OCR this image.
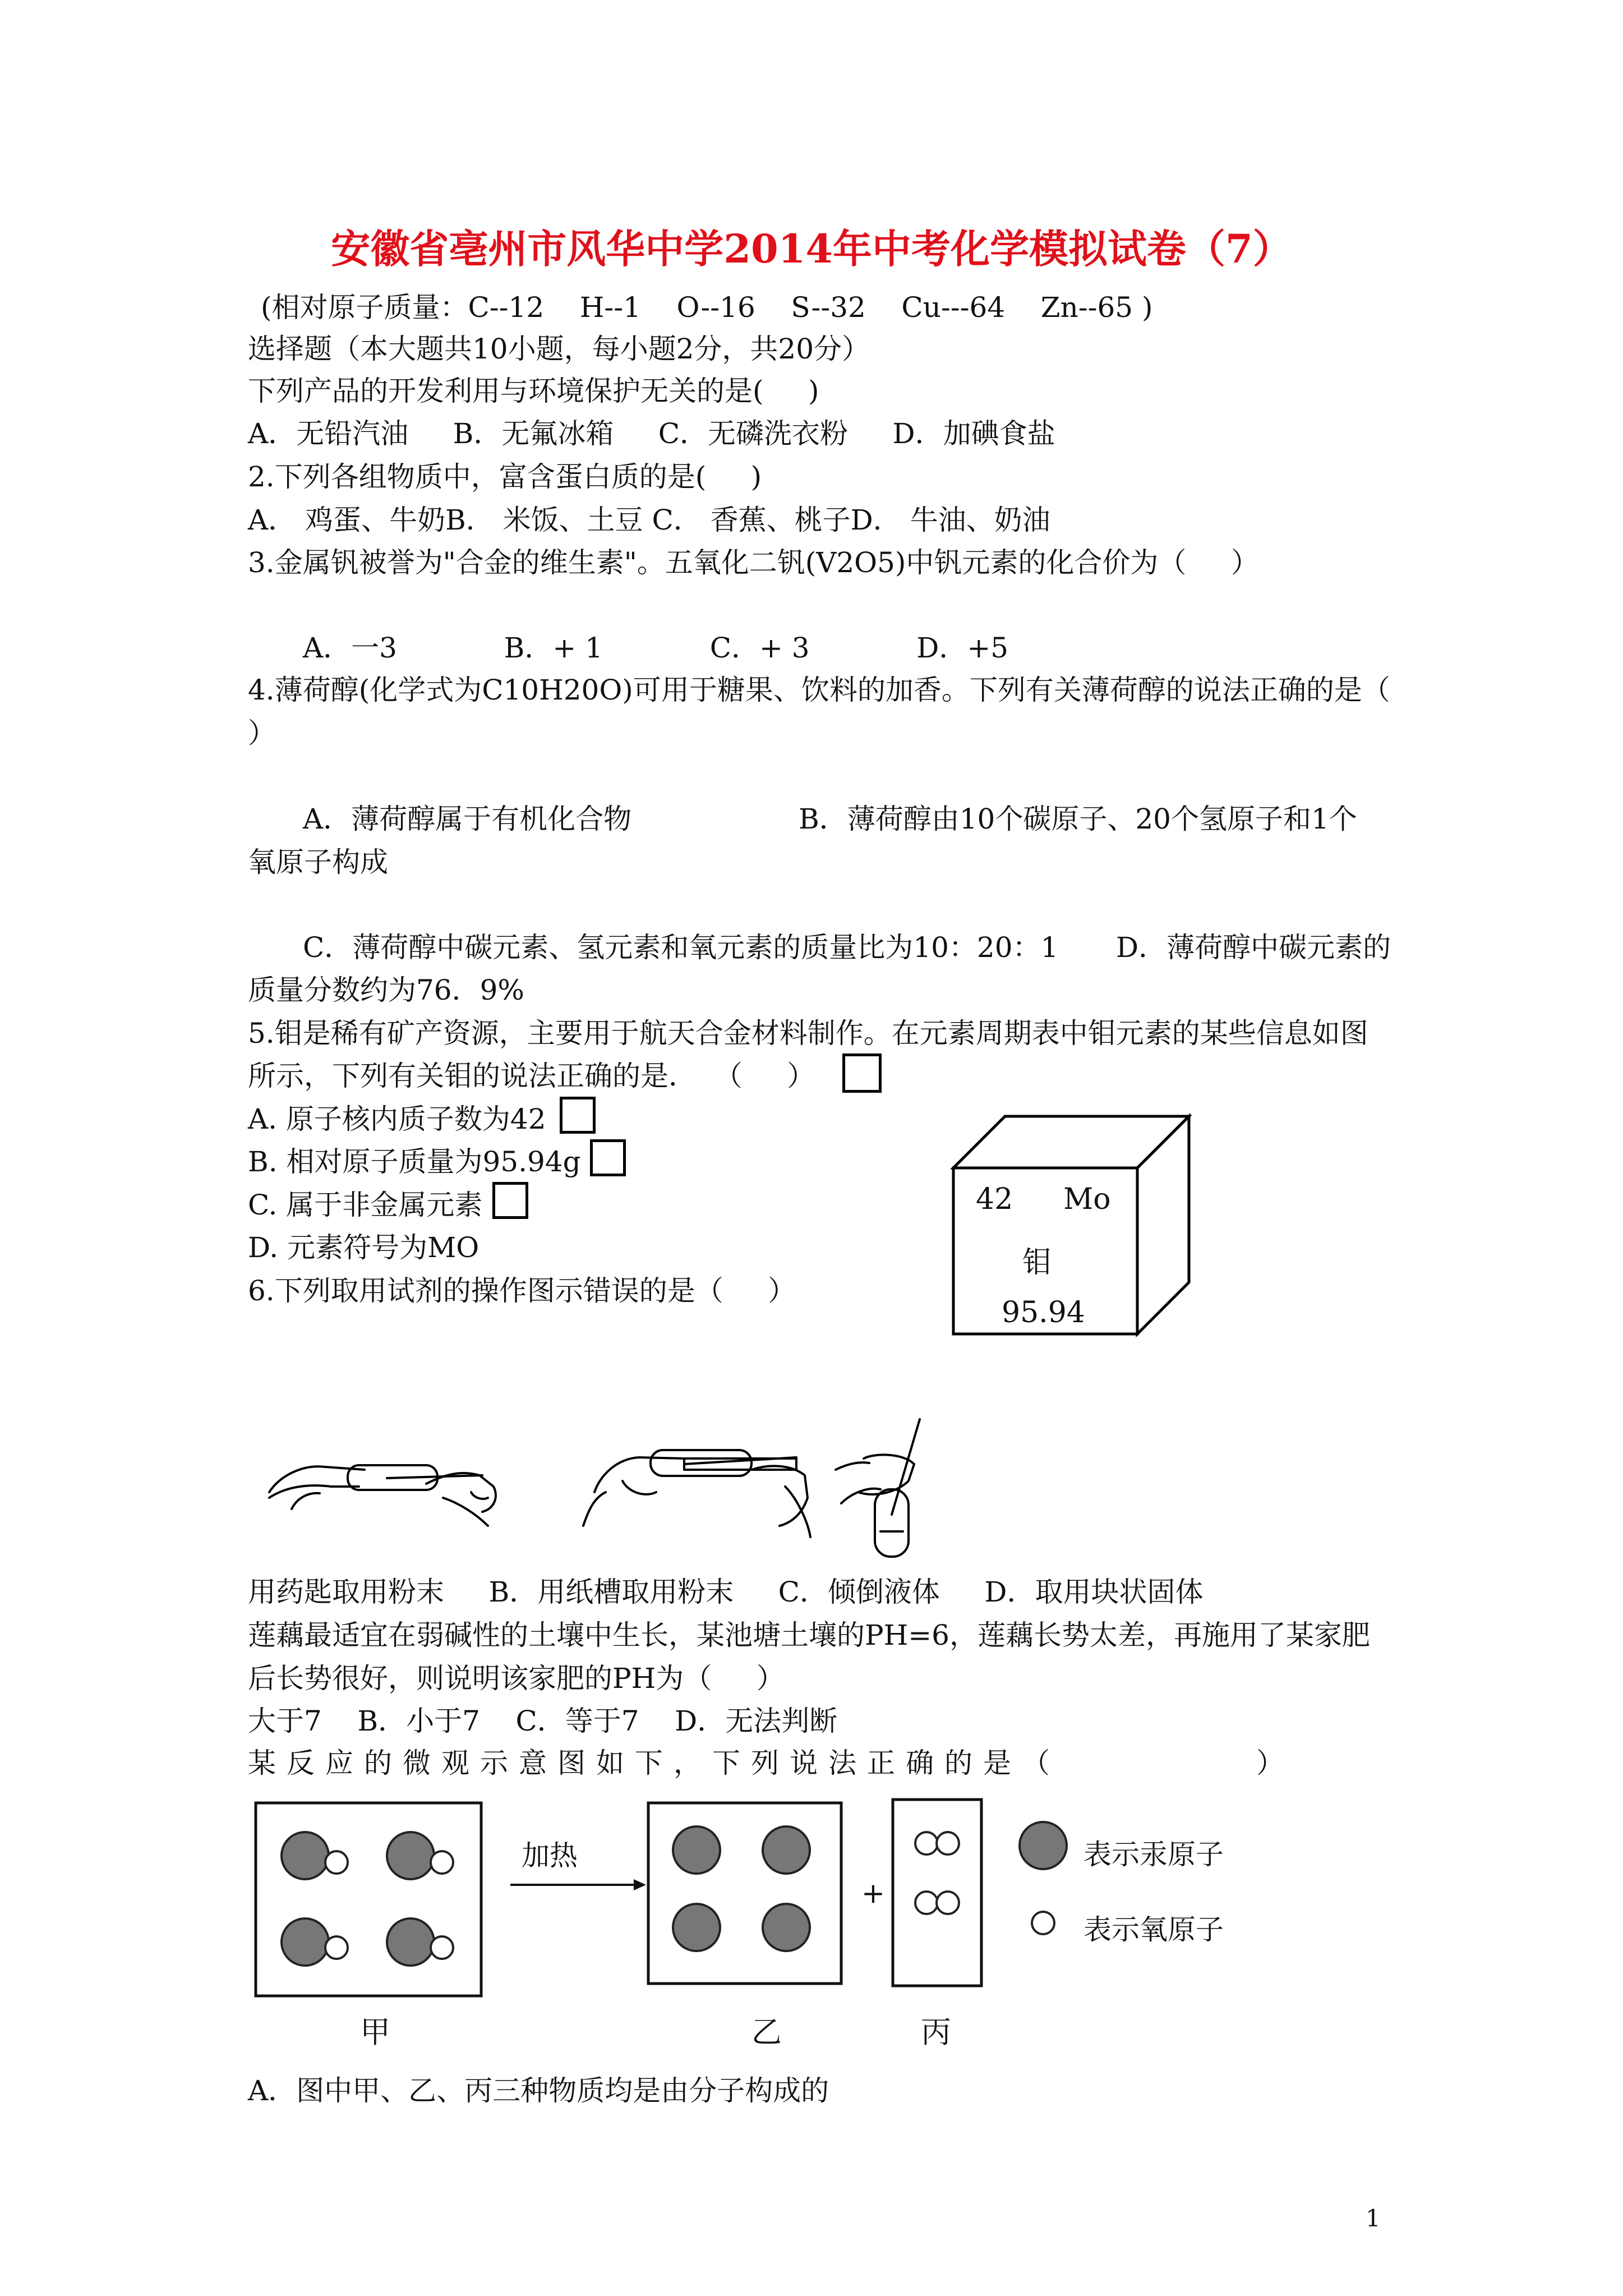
安徽省亳州市风华中学2014年中考化学模拟试卷（7）
(相对原子质量：C--12    H--1    O--16    S--32    Cu---64    Zn--65 )
选择题（本大题共10小题，每小题2分，共20分）
下列产品的开发利用与环境保护无关的是(     )
A．无铅汽油     B．无氟冰箱     C．无磷洗衣粉     D．加碘食盐
2.下列各组物质中，富含蛋白质的是(     )
A． 鸡蛋、牛奶B． 米饭、土豆 C． 香蕉、桃子D． 牛油、奶油
3.金属钒被誉为"合金的维生素"。五氧化二钒(V2O5)中钒元素的化合价为（     ）
A．一3            B．+ 1            C．+ 3            D．+5
4.薄荷醇(化学式为C10H20O)可用于糖果、饮料的加香。下列有关薄荷醇的说法正确的是（
）
A．薄荷醇属于有机化合物	B．薄荷醇由10个碳原子、20个氢原子和1个
氧原子构成
C．薄荷醇中碳元素、氢元素和氧元素的质量比为10：20：1 D．薄荷醇中碳元素的
质量分数约为76．9%
5.钼是稀有矿产资源，主要用于航天合金材料制作。在元素周期表中钼元素的某些信息如图
所示，下列有关钼的说法正确的是．  （     ）
A. 原子核内质子数为42
B. 相对原子质量为95.94g
C. 属于非金属元素
D. 元素符号为MO
42 Mo
钼
95.94
6.下列取用试剂的操作图示错误的是（     ）
用药匙取用粉末     B．用纸槽取用粉末     C．倾倒液体     D．取用块状固体
莲藕最适宜在弱碱性的土壤中生长，某池塘土壤的PH=6，莲藕长势太差，再施用了某家肥
后长势很好，则说明该家肥的PH为（     ）
大于7    B．小于7    C．等于7    D．无法判断
某反应的微观示意图如下，下列说法正确的是（          ）
加热
+
表示汞原子
表示氧原子
甲	乙	丙
A．图中甲、乙、丙三种物质均是由分子构成的
1
